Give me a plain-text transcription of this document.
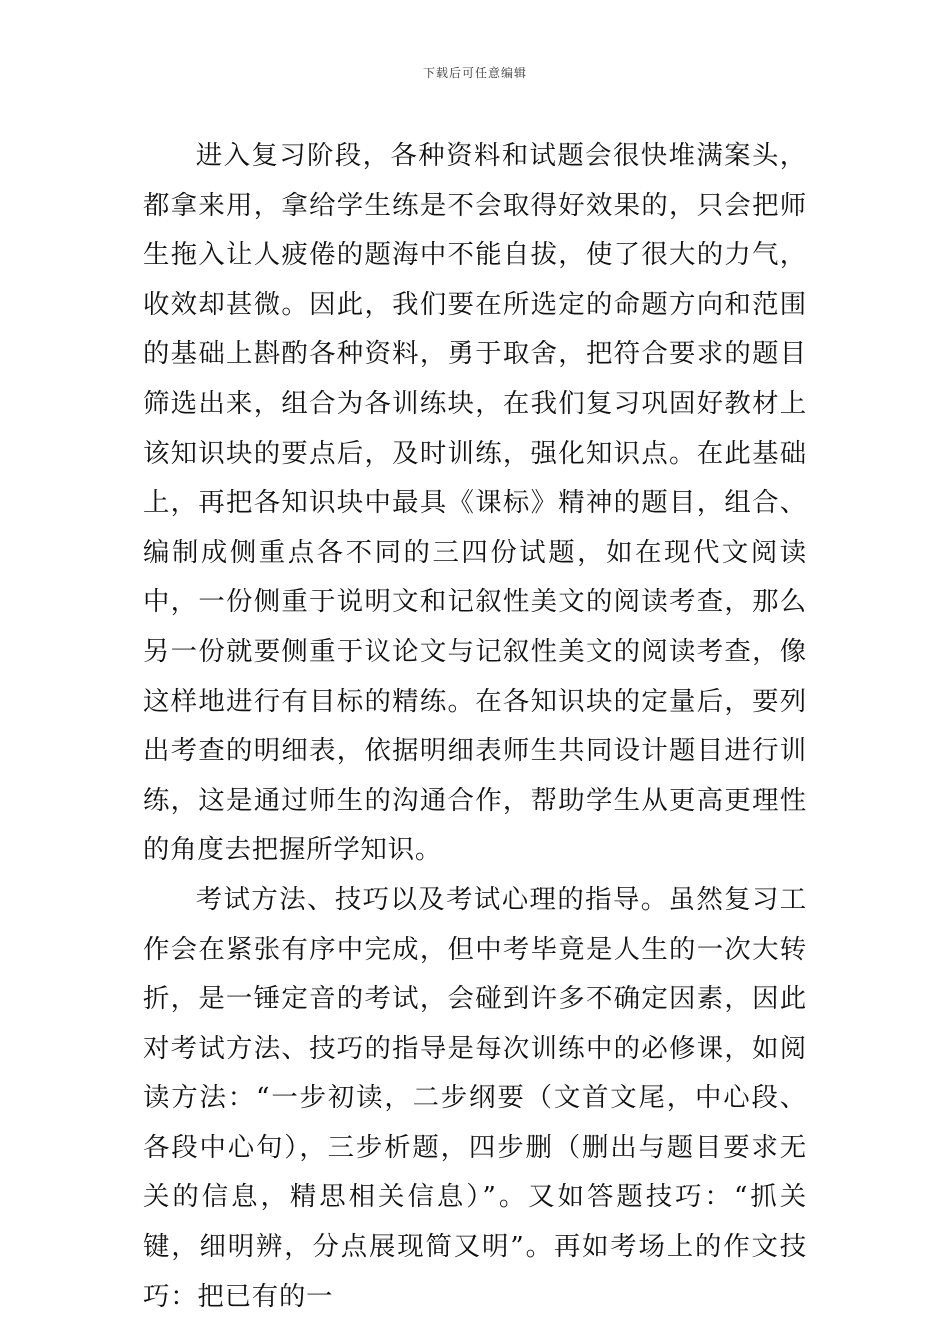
下载后可任意编辑

进入复习阶段，各种资料和试题会很快堆满案头，都拿来用，拿给学生练是不会取得好效果的，只会把师生拖入让人疲倦的题海中不能自拔，使了很大的力气，收效却甚微。因此，我们要在所选定的命题方向和范围的基础上斟酌各种资料，勇于取舍，把符合要求的题目筛选出来，组合为各训练块，在我们复习巩固好教材上该知识块的要点后，及时训练，强化知识点。在此基础上，再把各知识块中最具《课标》精神的题目，组合、编制成侧重点各不同的三四份试题，如在现代文阅读中，一份侧重于说明文和记叙性美文的阅读考查，那么另一份就要侧重于议论文与记叙性美文的阅读考查，像这样地进行有目标的精练。在各知识块的定量后，要列出考查的明细表，依据明细表师生共同设计题目进行训练，这是通过师生的沟通合作，帮助学生从更高更理性的角度去把握所学知识。

考试方法、技巧以及考试心理的指导。虽然复习工作会在紧张有序中完成，但中考毕竟是人生的一次大转折，是一锤定音的考试，会碰到许多不确定因素，因此对考试方法、技巧的指导是每次训练中的必修课，如阅读方法：“一步初读，二步纲要（文首文尾，中心段、各段中心句），三步析题，四步删（删出与题目要求无关的信息，精思相关信息）”。又如答题技巧：“抓关键，细明辨，分点展现简又明”。再如考场上的作文技巧：把已有的一
